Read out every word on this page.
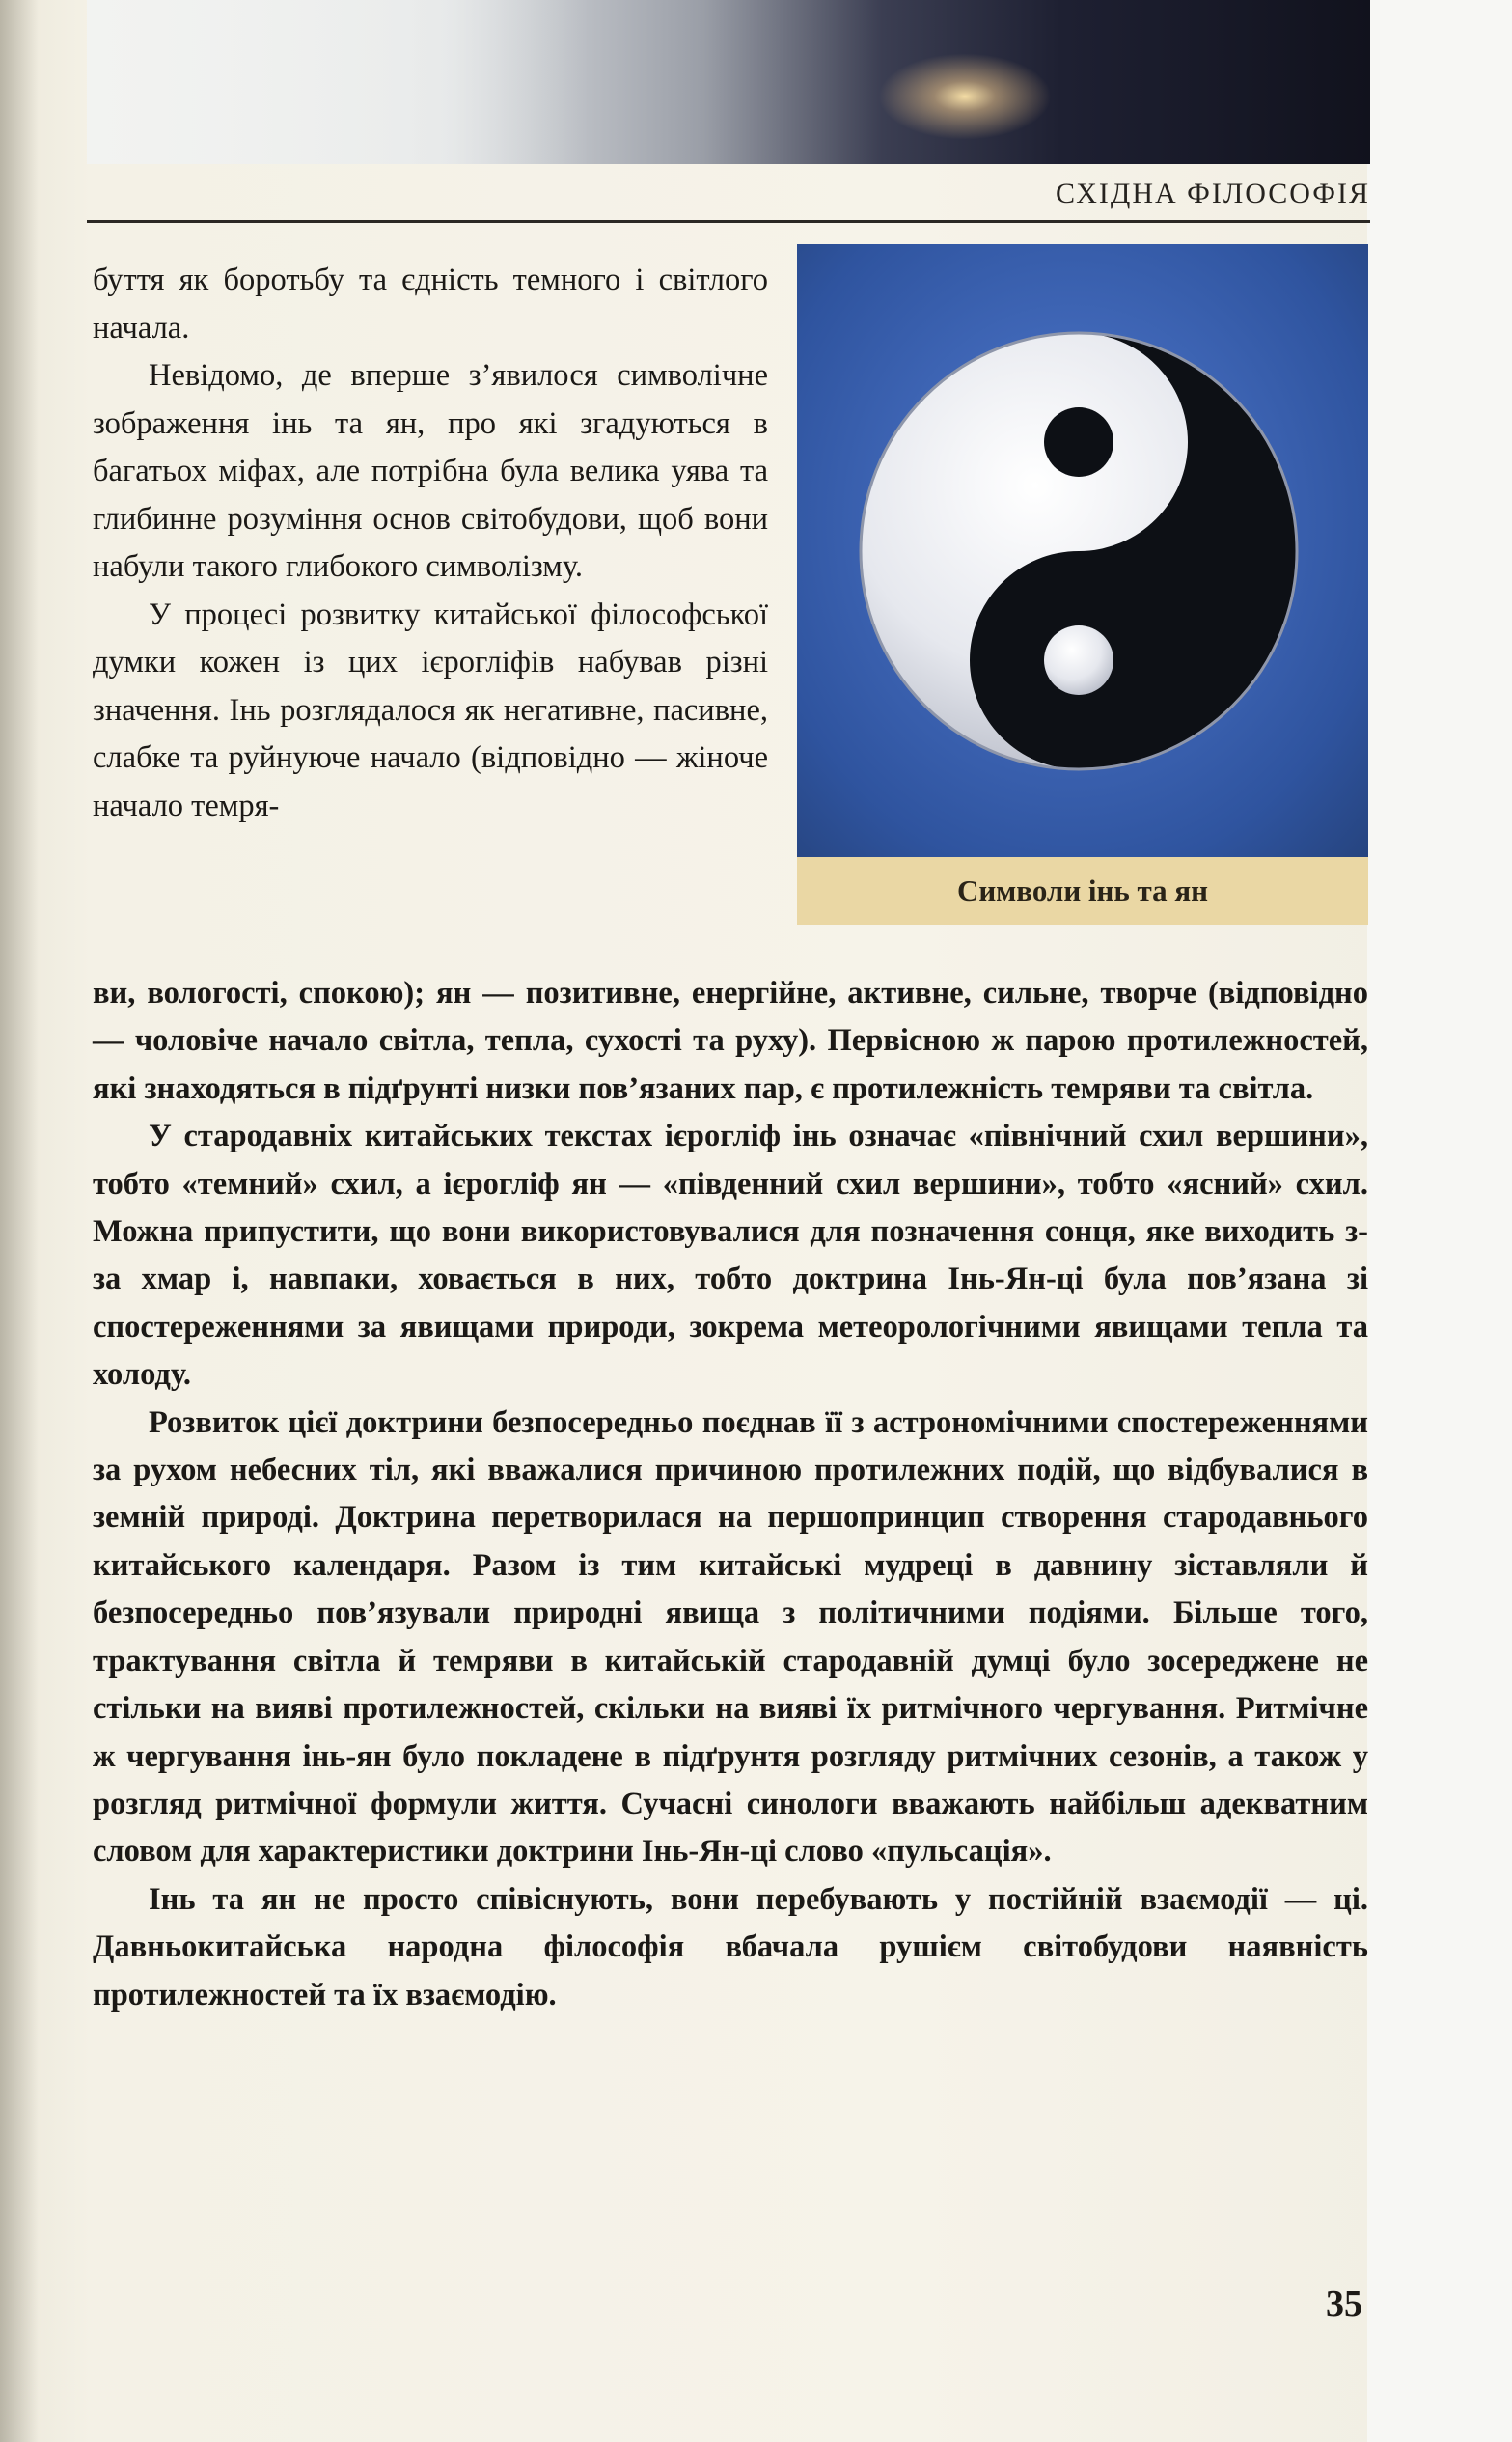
СХІДНА ФІЛОСОФІЯ
Символи інь та ян

буття як боротьбу та єдність темного і світлого начала.

Невідомо, де вперше з’явилося символічне зображення інь та ян, про які згадуються в багатьох міфах, але потрібна була велика уява та глибинне розуміння основ світобудови, щоб вони набули такого глибокого символізму.

У процесі розвитку китайської філософської думки кожен із цих ієрогліфів набував різні значення. Інь розглядалося як негативне, пасивне, слабке та руйнуюче начало (відповідно — жіноче начало темря-

ви, вологості, спокою); ян — позитивне, енергійне, активне, сильне, творче (відповідно — чоловіче начало світла, тепла, сухості та руху). Первісною ж парою протилежностей, які знаходяться в підґрунті низки пов’язаних пар, є протилежність темряви та світла.

У стародавніх китайських текстах ієрогліф інь означає «північний схил вершини», тобто «темний» схил, а ієрогліф ян — «південний схил вершини», тобто «ясний» схил. Можна припустити, що вони використовувалися для позначення сонця, яке виходить з-за хмар і, навпаки, ховається в них, тобто доктрина Інь-Ян-ці була пов’язана зі спостереженнями за явищами природи, зокрема метеорологічними явищами тепла та холоду.

Розвиток цієї доктрини безпосередньо поєднав її з астрономічними спостереженнями за рухом небесних тіл, які вважалися причиною протилежних подій, що відбувалися в земній природі. Доктрина перетворилася на першопринцип створення стародавнього китайського календаря. Разом із тим китайські мудреці в давнину зіставляли й безпосередньо пов’язували природні явища з політичними подіями. Більше того, трактування світла й темряви в китайській стародавній думці було зосереджене не стільки на вияві протилежностей, скільки на вияві їх ритмічного чергування. Ритмічне ж чергування інь-ян було покладене в підґрунтя розгляду ритмічних сезонів, а також у розгляд ритмічної формули життя. Сучасні синологи вважають найбільш адекватним словом для характеристики доктрини Інь-Ян-ці слово «пульсація».

Інь та ян не просто співіснують, вони перебувають у постійній взаємодії — ці. Давньокитайська народна філософія вбачала рушієм світобудови наявність протилежностей та їх взаємодію.

35
